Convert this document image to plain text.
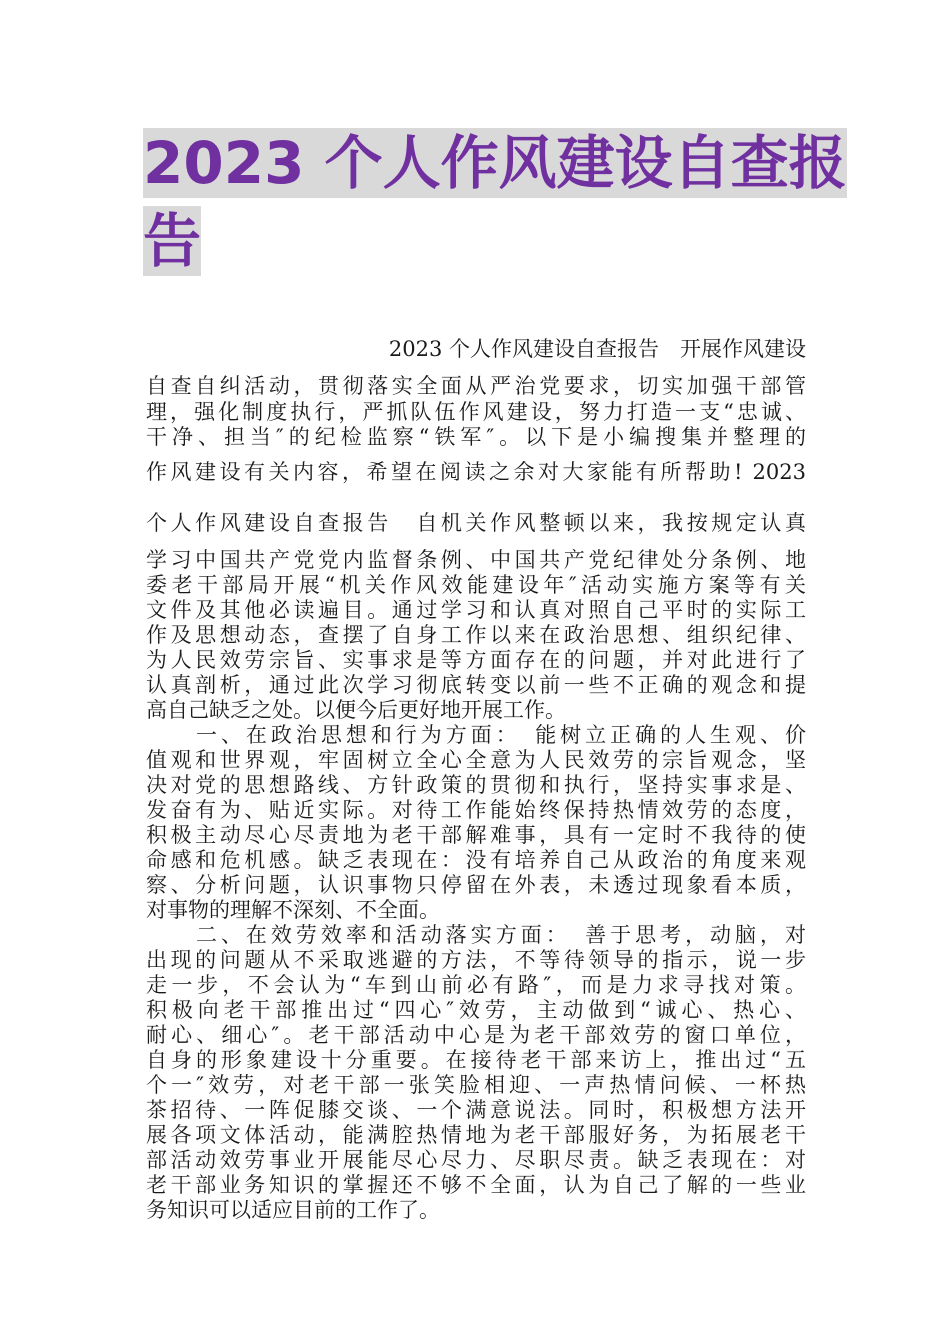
2023 个人作风建设自查报
告
2023 个人作风建设自查报告　开展作风建设
自查自纠活动，贯彻落实全面从严治党要求，切实加强干部管
理，强化制度执行，严抓队伍作风建设，努力打造一支“忠诚、
干净、担当″的纪检监察“铁军″。以下是小编搜集并整理的
作风建设有关内容，希望在阅读之余对大家能有所帮助! 2023
个人作风建设自查报告　自机关作风整顿以来，我按规定认真
学习中国共产党党内监督条例、中国共产党纪律处分条例、地
委老干部局开展“机关作风效能建设年″活动实施方案等有关
文件及其他必读遍目。通过学习和认真对照自己平时的实际工
作及思想动态，查摆了自身工作以来在政治思想、组织纪律、
为人民效劳宗旨、实事求是等方面存在的问题，并对此进行了
认真剖析，通过此次学习彻底转变以前一些不正确的观念和提
高自己缺乏之处。以便今后更好地开展工作。
　　一、在政治思想和行为方面：　能树立正确的人生观、价
值观和世界观，牢固树立全心全意为人民效劳的宗旨观念，坚
决对党的思想路线、方针政策的贯彻和执行，坚持实事求是、
发奋有为、贴近实际。对待工作能始终保持热情效劳的态度，
积极主动尽心尽责地为老干部解难事，具有一定时不我待的使
命感和危机感。缺乏表现在：没有培养自己从政治的角度来观
察、分析问题，认识事物只停留在外表，未透过现象看本质，
对事物的理解不深刻、不全面。
　　二、在效劳效率和活动落实方面：　善于思考，动脑，对
出现的问题从不采取逃避的方法，不等待领导的指示，说一步
走一步，不会认为“车到山前必有路″，而是力求寻找对策。
积极向老干部推出过“四心″效劳，主动做到“诚心、热心、
耐心、细心″。老干部活动中心是为老干部效劳的窗口单位，
自身的形象建设十分重要。在接待老干部来访上，推出过“五
个一″效劳，对老干部一张笑脸相迎、一声热情问候、一杯热
茶招待、一阵促膝交谈、一个满意说法。同时，积极想方法开
展各项文体活动，能满腔热情地为老干部服好务，为拓展老干
部活动效劳事业开展能尽心尽力、尽职尽责。缺乏表现在：对
老干部业务知识的掌握还不够不全面，认为自己了解的一些业
务知识可以适应目前的工作了。
